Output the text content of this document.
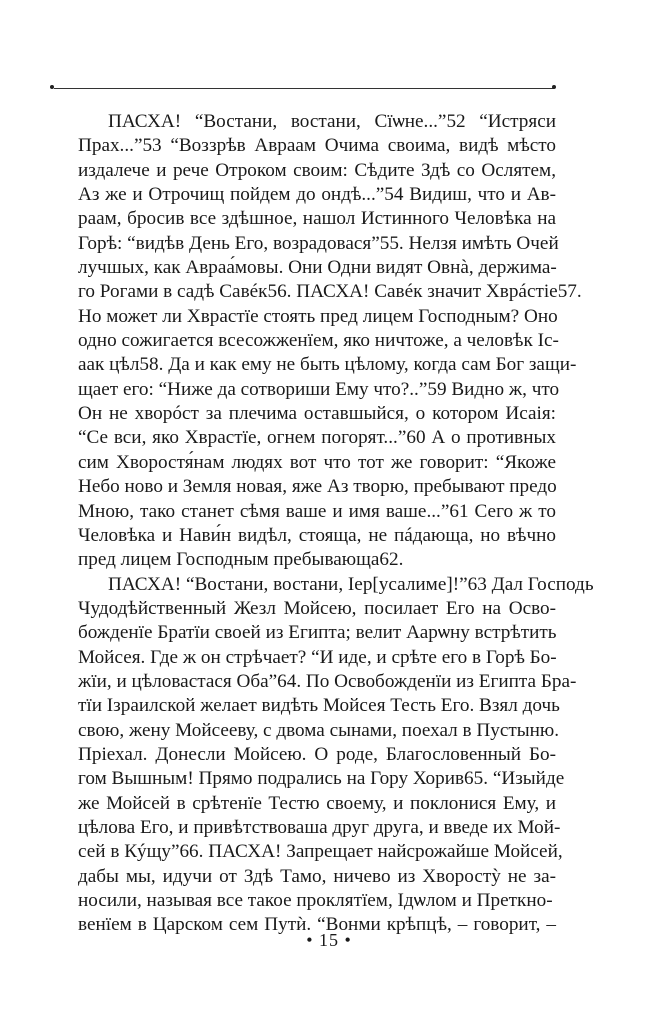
ПАСХА! “Востани, востани, Сїѡне...”52 “Истряси
Прах...”53 “Воззрѣв Авраам Очима своима, видѣ мѣсто
издалече и рече Отроком своим: Сѣдите Здѣ со Ослятем,
Аз же и Отрочищ пойдем до ондѣ...”54 Видиш, что и Ав-
раам, бросив все здѣшное, нашол Истинного Человѣка на
Горѣ: “видѣв День Его, возрадовася”55. Нелзя имѣть Очей
лучшых, как Авраа́мовы. Они Одни видят Овнà, держима-
го Рогами в садѣ Савéк56. ПАСХА! Савéк значит Хврáстіе57.
Но может ли Хврастїе стоять пред лицем Господным? Оно
одно сожигается всесожженїем, яко ничтоже, а человѣк Іс-
аак цѣл58. Да и как ему не быть цѣлому, когда сам Бог защи-
щает его: “Ниже да сотвориши Ему что?..”59 Видно ж, что
Он не хворóст за плечима оставшыйся, о котором Исаія:
“Се вси, яко Хврастїе, огнем погорят...”60 А о противных
сим Хворостя́нам людях вот что тот же говорит: “Якоже
Небо ново и Земля новая, яже Аз творю, пребывают предо
Мною, тако станет сѣмя ваше и имя ваше...”61 Сего ж то
Человѣка и Нави́н видѣл, стояща, не пáдающа, но вѣчно
пред лицем Господным пребывающа62.
ПАСХА! “Востани, востани, Іер[усалиме]!”63 Дал Господь
Чудодѣйственный Жезл Мойсею, посилает Его на Осво-
божденїе Братїи своей из Египта; велит Аарѡну встрѣтить
Мойсея. Где ж он стрѣчает? “И иде, и срѣте его в Горѣ Бо-
жїи, и цѣловастася Оба”64. По Освобожденїи из Египта Бра-
тїи Ізраилской желает видѣть Мойсея Тесть Его. Взял дочь
свою, жену Мойсееву, с двома сынами, поехал в Пустыню.
Пріехал. Донесли Мойсею. О роде, Благословенный Бо-
гом Вышным! Прямо подрались на Гору Хорив65. “Изыйде
же Мойсей в срѣтенїе Тестю своему, и поклонися Ему, и
цѣлова Его, и привѣтствоваша друг друга, и введе их Мой-
сей в Кýщу”66. ПАСХА! Запрещает найсрожайше Мойсей,
дабы мы, идучи от Здѣ Тамо, ничево из Хворостỳ не за-
носили, называя все такое проклятїем, Ідѡлом и Преткно-
венїем в Царском сем Путѝ. “Вонми крѣпцѣ, – говорит, –
• 15 •
